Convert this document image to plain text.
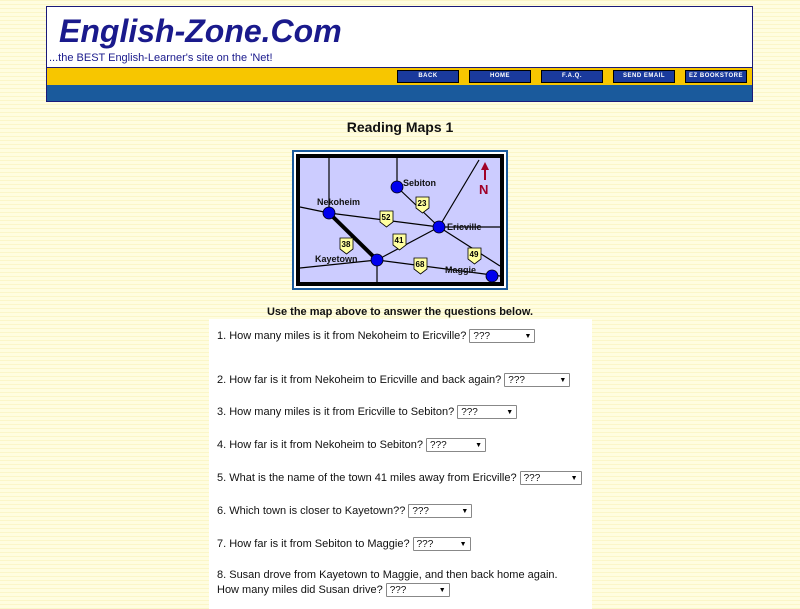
English-Zone.Com
...the BEST English-Learner's site on the 'Net!
BACK	HOME	F.A.Q.	SEND EMAIL	EZ BOOKSTORE
Reading Maps 1
Sebiton
Nekoheim
Ericville
Kayetown
Maggie
N
23
52
41
38
49
68
Use the map above to answer the questions below.
1. How many miles is it from Nekoheim to Ericville? ???	▼
2. How far is it from Nekoheim to Ericville and back again? ???	▼
3. How many miles is it from Ericville to Sebiton? ???	▼
4. How far is it from Nekoheim to Sebiton? ???	▼
5. What is the name of the town 41 miles away from Ericville? ???	▼
6. Which town is closer to Kayetown?? ???	▼
7. How far is it from Sebiton to Maggie? ???	▼
8. Susan drove from Kayetown to Maggie, and then back home again.
How many miles did Susan drive? ???	▼
